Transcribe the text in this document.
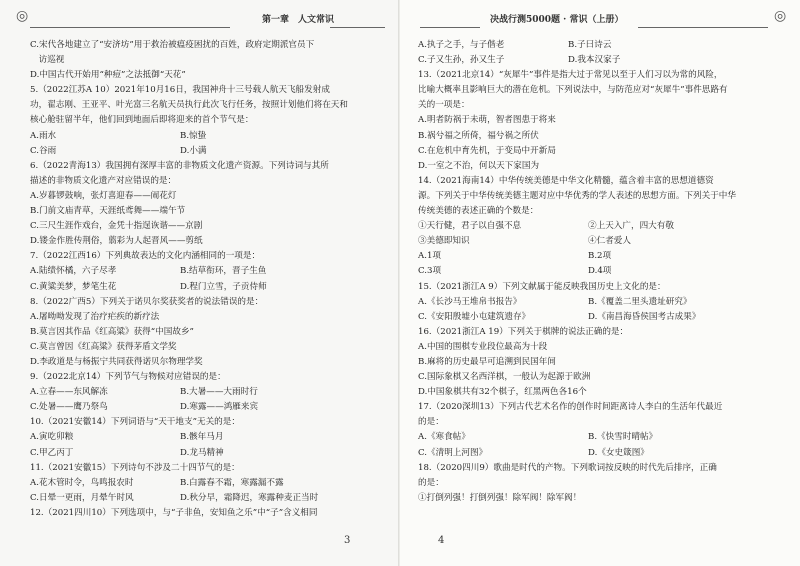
◎	第一章　人文常识
C.宋代各地建立了“安济坊”用于救治被瘟疫困扰的百姓，政府定期派官员下
　访巡视
D.中国古代开始用“种痘”之法抵御“天花”
5.（2022江苏A 10）2021年10月16日，我国神舟十三号载人航天飞船发射成
功，翟志刚、王亚平、叶光富三名航天员执行此次飞行任务，按照计划他们将在天和
核心舱驻留半年，他们回到地面后即将迎来的首个节气是：
A.雨水	B.惊蛰
C.谷雨	D.小满
6.（2022青海13）我国拥有深厚丰富的非物质文化遗产资源。下列诗词与其所
描述的非物质文化遗产对应错误的是：
A.岁暮锣鼓响，张灯喜迎春——闹花灯
B.门前文庙青草，天涯纸鸢舞——端午节
C.三尺生涯作戏台，金凭十指逞诙谐——京剧
D.镂金作胜传荆俗，翦彩为人起晋风——剪纸
7.（2022江西16）下列典故表达的文化内涵相同的一项是：
A.陆绩怀橘，六子尽孝	B.结草衔环，晋子生鱼
C.黄粱美梦，梦笔生花	D.程门立雪，子贡侍师
8.（2022广西5）下列关于诺贝尔奖获奖者的说法错误的是：
A.屠呦呦发现了治疗疟疾的新疗法
B.莫言因其作品《红高粱》获得“中国故乡”
C.莫言曾因《红高粱》获得茅盾文学奖
D.李政道是与杨振宁共同获得诺贝尔物理学奖
9.（2022北京14）下列节气与物候对应错误的是：
A.立春——东风解冻	B.大暑——大雨时行
C.处暑——鹰乃祭鸟	D.寒露——鸿雁来宾
10.（2021安徽14）下列词语与“天干地支”无关的是：
A.寅吃卯粮	B.骸年马月
C.甲乙丙丁	D.龙马精神
11.（2021安徽15）下列诗句不涉及二十四节气的是：
A.花木管时令，鸟鸣报农时	B.白露春不霜，寒露漏不露
C.日晕一更雨，月晕午时风	D.秋分早，霜降迟，寒露种麦正当时
12.（2021四川10）下列选项中，与“子非鱼，安知鱼之乐”中“子”含义相同
3
决战行测5000题 · 常识（上册）	◎
A.执子之手，与子偕老	B.子曰诗云
C.子又生孙，孙又生子	D.我本汉家子
13.（2021北京14）“灰犀牛”事件是指大过于常见以至于人们习以为常的风险，
比喻大概率且影响巨大的潜在危机。下列说法中，与防范应对“灰犀牛”事件思路有
关的一项是：
A.明者防祸于未萌，智者图患于将来
B.祸兮福之所倚，福兮祸之所伏
C.在危机中育先机，于变局中开新局
D.一室之不治，何以天下家国为
14.（2021海南14）中华传统美德是中华文化精髓，蕴含着丰富的思想道德资
源。下列关于中华传统美德主题对应中华优秀的学人表述的思想方面。下列关于中华
传统美德的表述正确的个数是：
①天行健，君子以自强不息	②上天入广，四大有敬
③美德即知识	④仁者爱人
A.1项	B.2项
C.3项	D.4项
15.（2021浙江A 9）下列文献属于能反映我国历史上文化的是：
A.《长沙马王堆帛书报告》	B.《覆盖二里头遗址研究》
C.《安阳殷墟小屯建筑遗存》	D.《南昌海昏侯国考古成果》
16.（2021浙江A 19）下列关于棋牌的说法正确的是：
A.中国的围棋专业段位最高为十段
B.麻将的历史最早可追溯到民国年间
C.国际象棋又名西洋棋，一般认为起源于欧洲
D.中国象棋共有32个棋子，红黑两色各16个
17.（2020深圳13）下列古代艺术名作的创作时间距离诗人李白的生活年代最近
的是：
A.《寒食帖》	B.《快雪时晴帖》
C.《清明上河图》	D.《女史箴图》
18.（2020四川9）歌曲是时代的产物。下列歌词按反映的时代先后排序，正确
的是：
①打倒列强！打倒列强！除军阀！除军阀！
4
